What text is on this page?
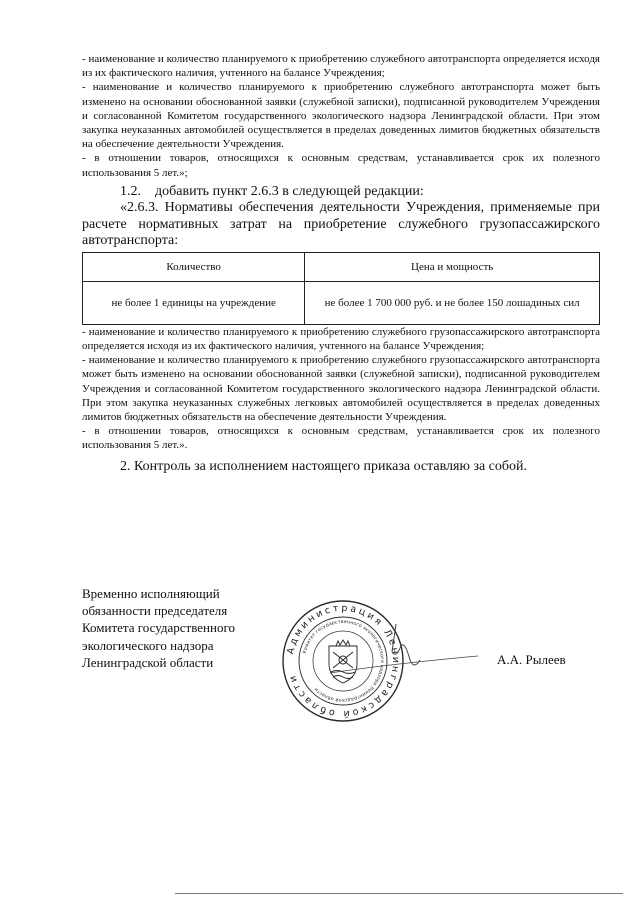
- наименование и количество планируемого к приобретению служебного автотранспорта определяется исходя из их фактического наличия, учтенного на балансе Учреждения;

- наименование и количество планируемого к приобретению служебного автотранспорта может быть изменено на основании обоснованной заявки (служебной записки), подписанной руководителем Учреждения и согласованной Комитетом государственного экологического надзора Ленинградской области. При этом закупка неуказанных автомобилей осуществляется в пределах доведенных лимитов бюджетных обязательств на обеспечение деятельности Учреждения.

- в отношении товаров, относящихся к основным средствам, устанавливается срок их полезного использования 5 лет.»;

1.2.    добавить пункт 2.6.3 в следующей редакции:

«2.6.3. Нормативы обеспечения деятельности Учреждения, применяемые при расчете нормативных затрат на приобретение служебного грузопассажирского автотранспорта:

Количество	Цена и мощность
не более 1 единицы на учреждение	не более 1 700 000 руб. и не более 150 лошадиных сил

- наименование и количество планируемого к приобретению служебного грузопассажирского автотранспорта определяется исходя из их фактического наличия, учтенного на балансе Учреждения;

- наименование и количество планируемого к приобретению служебного грузопассажирского автотранспорта может быть изменено на основании обоснованной заявки (служебной записки), подписанной руководителем Учреждения и согласованной Комитетом государственного экологического надзора Ленинградской области. При этом закупка неуказанных служебных легковых автомобилей осуществляется в пределах доведенных лимитов бюджетных обязательств на обеспечение деятельности Учреждения.

- в отношении товаров, относящихся к основным средствам, устанавливается срок их полезного использования 5 лет.».

2. Контроль за исполнением настоящего приказа оставляю за собой.

Временно исполняющий
обязанности председателя
Комитета государственного
экологического надзора
Ленинградской области
Администрация Ленинградской области
Комитет государственного экологического надзора Ленинградской области
А.А. Рылеев
